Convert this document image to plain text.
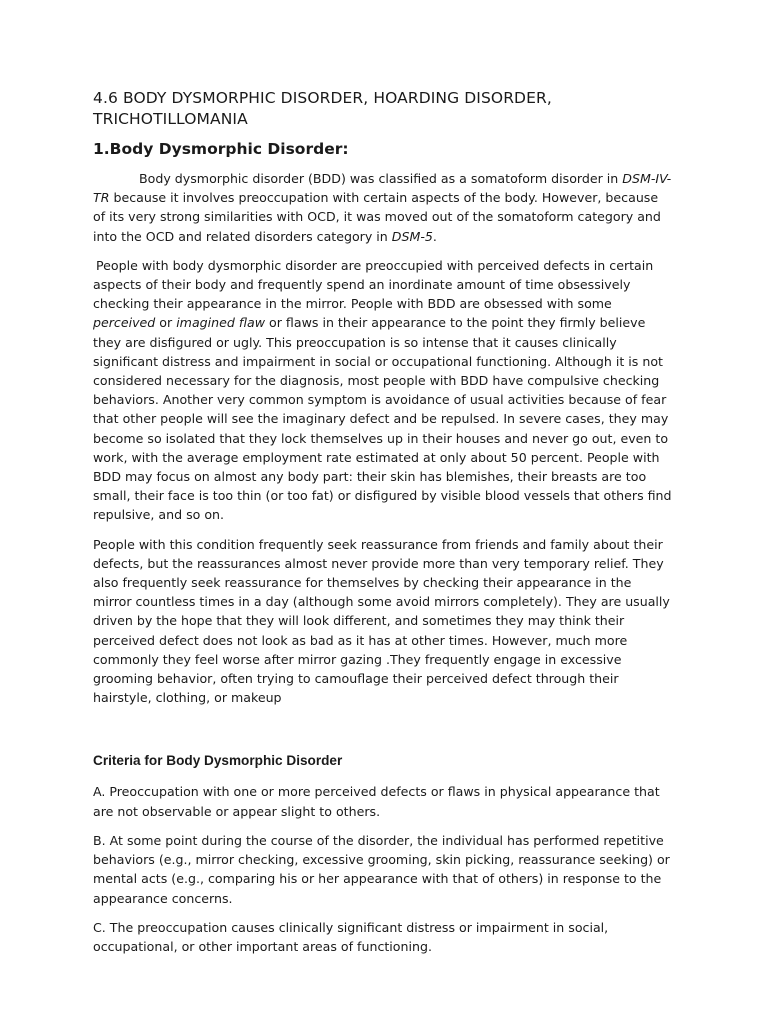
4.6 BODY DYSMORPHIC DISORDER, HOARDING DISORDER,
TRICHOTILLOMANIA
1.Body Dysmorphic Disorder:

Body dysmorphic disorder (BDD) was classified as a somatoform disorder in DSM-IV-TR because it involves preoccupation with certain aspects of the body. However, because of its very strong similarities with OCD, it was moved out of the somatoform category and into the OCD and related disorders category in DSM-5.

People with body dysmorphic disorder are preoccupied with perceived defects in certain aspects of their body and frequently spend an inordinate amount of time obsessively checking their appearance in the mirror. People with BDD are obsessed with some perceived or imagined flaw or flaws in their appearance to the point they firmly believe they are disfigured or ugly. This preoccupation is so intense that it causes clinically significant distress and impairment in social or occupational functioning. Although it is not considered necessary for the diagnosis, most people with BDD have compulsive checking behaviors. Another very common symptom is avoidance of usual activities because of fear that other people will see the imaginary defect and be repulsed. In severe cases, they may become so isolated that they lock themselves up in their houses and never go out, even to work, with the average employment rate estimated at only about 50 percent. People with BDD may focus on almost any body part: their skin has blemishes, their breasts are too small, their face is too thin (or too fat) or disfigured by visible blood vessels that others find repulsive, and so on.

People with this condition frequently seek reassurance from friends and family about their defects, but the reassurances almost never provide more than very temporary relief. They also frequently seek reassurance for themselves by checking their appearance in the mirror countless times in a day (although some avoid mirrors completely). They are usually driven by the hope that they will look different, and sometimes they may think their perceived defect does not look as bad as it has at other times. However, much more commonly they feel worse after mirror gazing .They frequently engage in excessive grooming behavior, often trying to camouflage their perceived defect through their hairstyle, clothing, or makeup

Criteria for Body Dysmorphic Disorder

A. Preoccupation with one or more perceived defects or flaws in physical appearance that are not observable or appear slight to others.

B. At some point during the course of the disorder, the individual has performed repetitive behaviors (e.g., mirror checking, excessive grooming, skin picking, reassurance seeking) or mental acts (e.g., comparing his or her appearance with that of others) in response to the appearance concerns.

C. The preoccupation causes clinically significant distress or impairment in social, occupational, or other important areas of functioning.
